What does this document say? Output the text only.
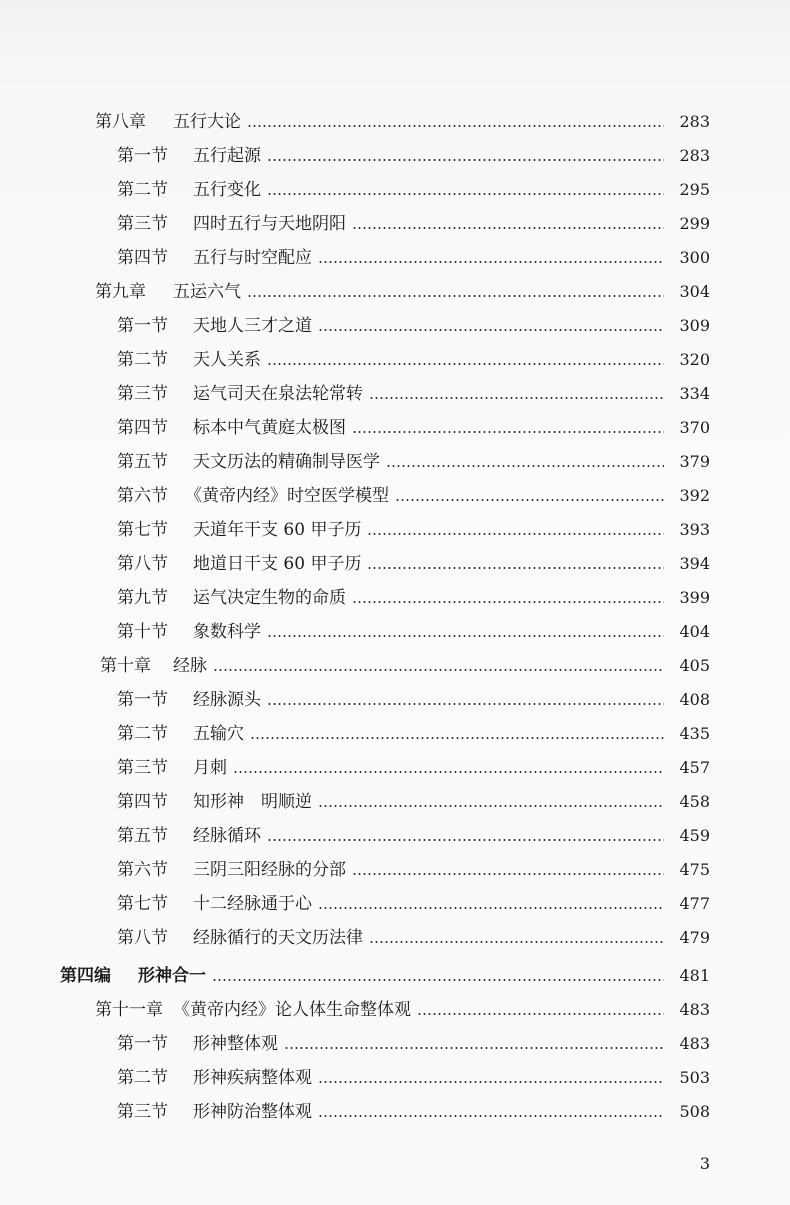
第八章	五行大论	283
第一节	五行起源	283
第二节	五行变化	295
第三节	四时五行与天地阴阳	299
第四节	五行与时空配应	300
第九章	五运六气	304
第一节	天地人三才之道	309
第二节	天人关系	320
第三节	运气司天在泉法轮常转	334
第四节	标本中气黄庭太极图	370
第五节	天文历法的精确制导医学	379
第六节	《黄帝内经》时空医学模型	392
第七节	天道年干支 60 甲子历	393
第八节	地道日干支 60 甲子历	394
第九节	运气决定生物的命质	399
第十节	象数科学	404
第十章	经脉	405
第一节	经脉源头	408
第二节	五输穴	435
第三节	月刺	457
第四节	知形神　明顺逆	458
第五节	经脉循环	459
第六节	三阴三阳经脉的分部	475
第七节	十二经脉通于心	477
第八节	经脉循行的天文历法律	479
第四编	形神合一	481
第十一章 《黄帝内经》论人体生命整体观	483
第一节	形神整体观	483
第二节	形神疾病整体观	503
第三节	形神防治整体观	508
3
